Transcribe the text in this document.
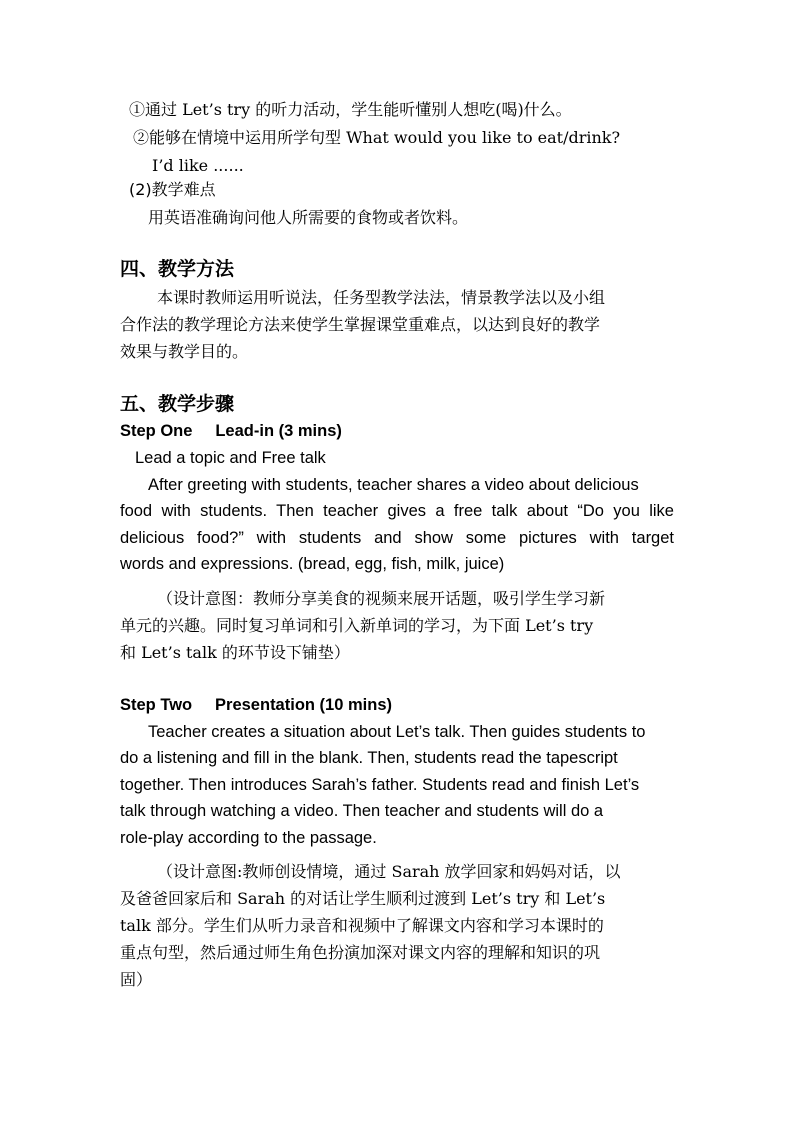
①通过 Let’s try 的听力活动，学生能听懂别人想吃(喝)什么。
②能够在情境中运用所学句型 What would you like to eat/drink?
I’d like ......
(2)教学难点
用英语准确询问他人所需要的食物或者饮料。
四、教学方法
本课时教师运用听说法，任务型教学法法，情景教学法以及小组
合作法的教学理论方法来使学生掌握课堂重难点，以达到良好的教学
效果与教学目的。
五、教学步骤
Step One     Lead-in (3 mins)
Lead a topic and Free talk
After greeting with students, teacher shares a video about delicious
food with students. Then teacher gives a free talk about “Do you like
delicious food?” with students and show some pictures with target
words and expressions. (bread, egg, fish, milk, juice)
（设计意图：教师分享美食的视频来展开话题，吸引学生学习新
单元的兴趣。同时复习单词和引入新单词的学习，为下面 Let’s try
和 Let’s talk 的环节设下铺垫）
Step Two     Presentation (10 mins)
Teacher creates a situation about Let’s talk. Then guides students to
do a listening and fill in the blank. Then, students read the tapescript
together. Then introduces Sarah’s father. Students read and finish Let’s
talk through watching a video. Then teacher and students will do a
role-play according to the passage.
（设计意图:教师创设情境，通过 Sarah 放学回家和妈妈对话，以
及爸爸回家后和 Sarah 的对话让学生顺利过渡到 Let’s try 和 Let’s
talk 部分。学生们从听力录音和视频中了解课文内容和学习本课时的
重点句型，然后通过师生角色扮演加深对课文内容的理解和知识的巩
固）
